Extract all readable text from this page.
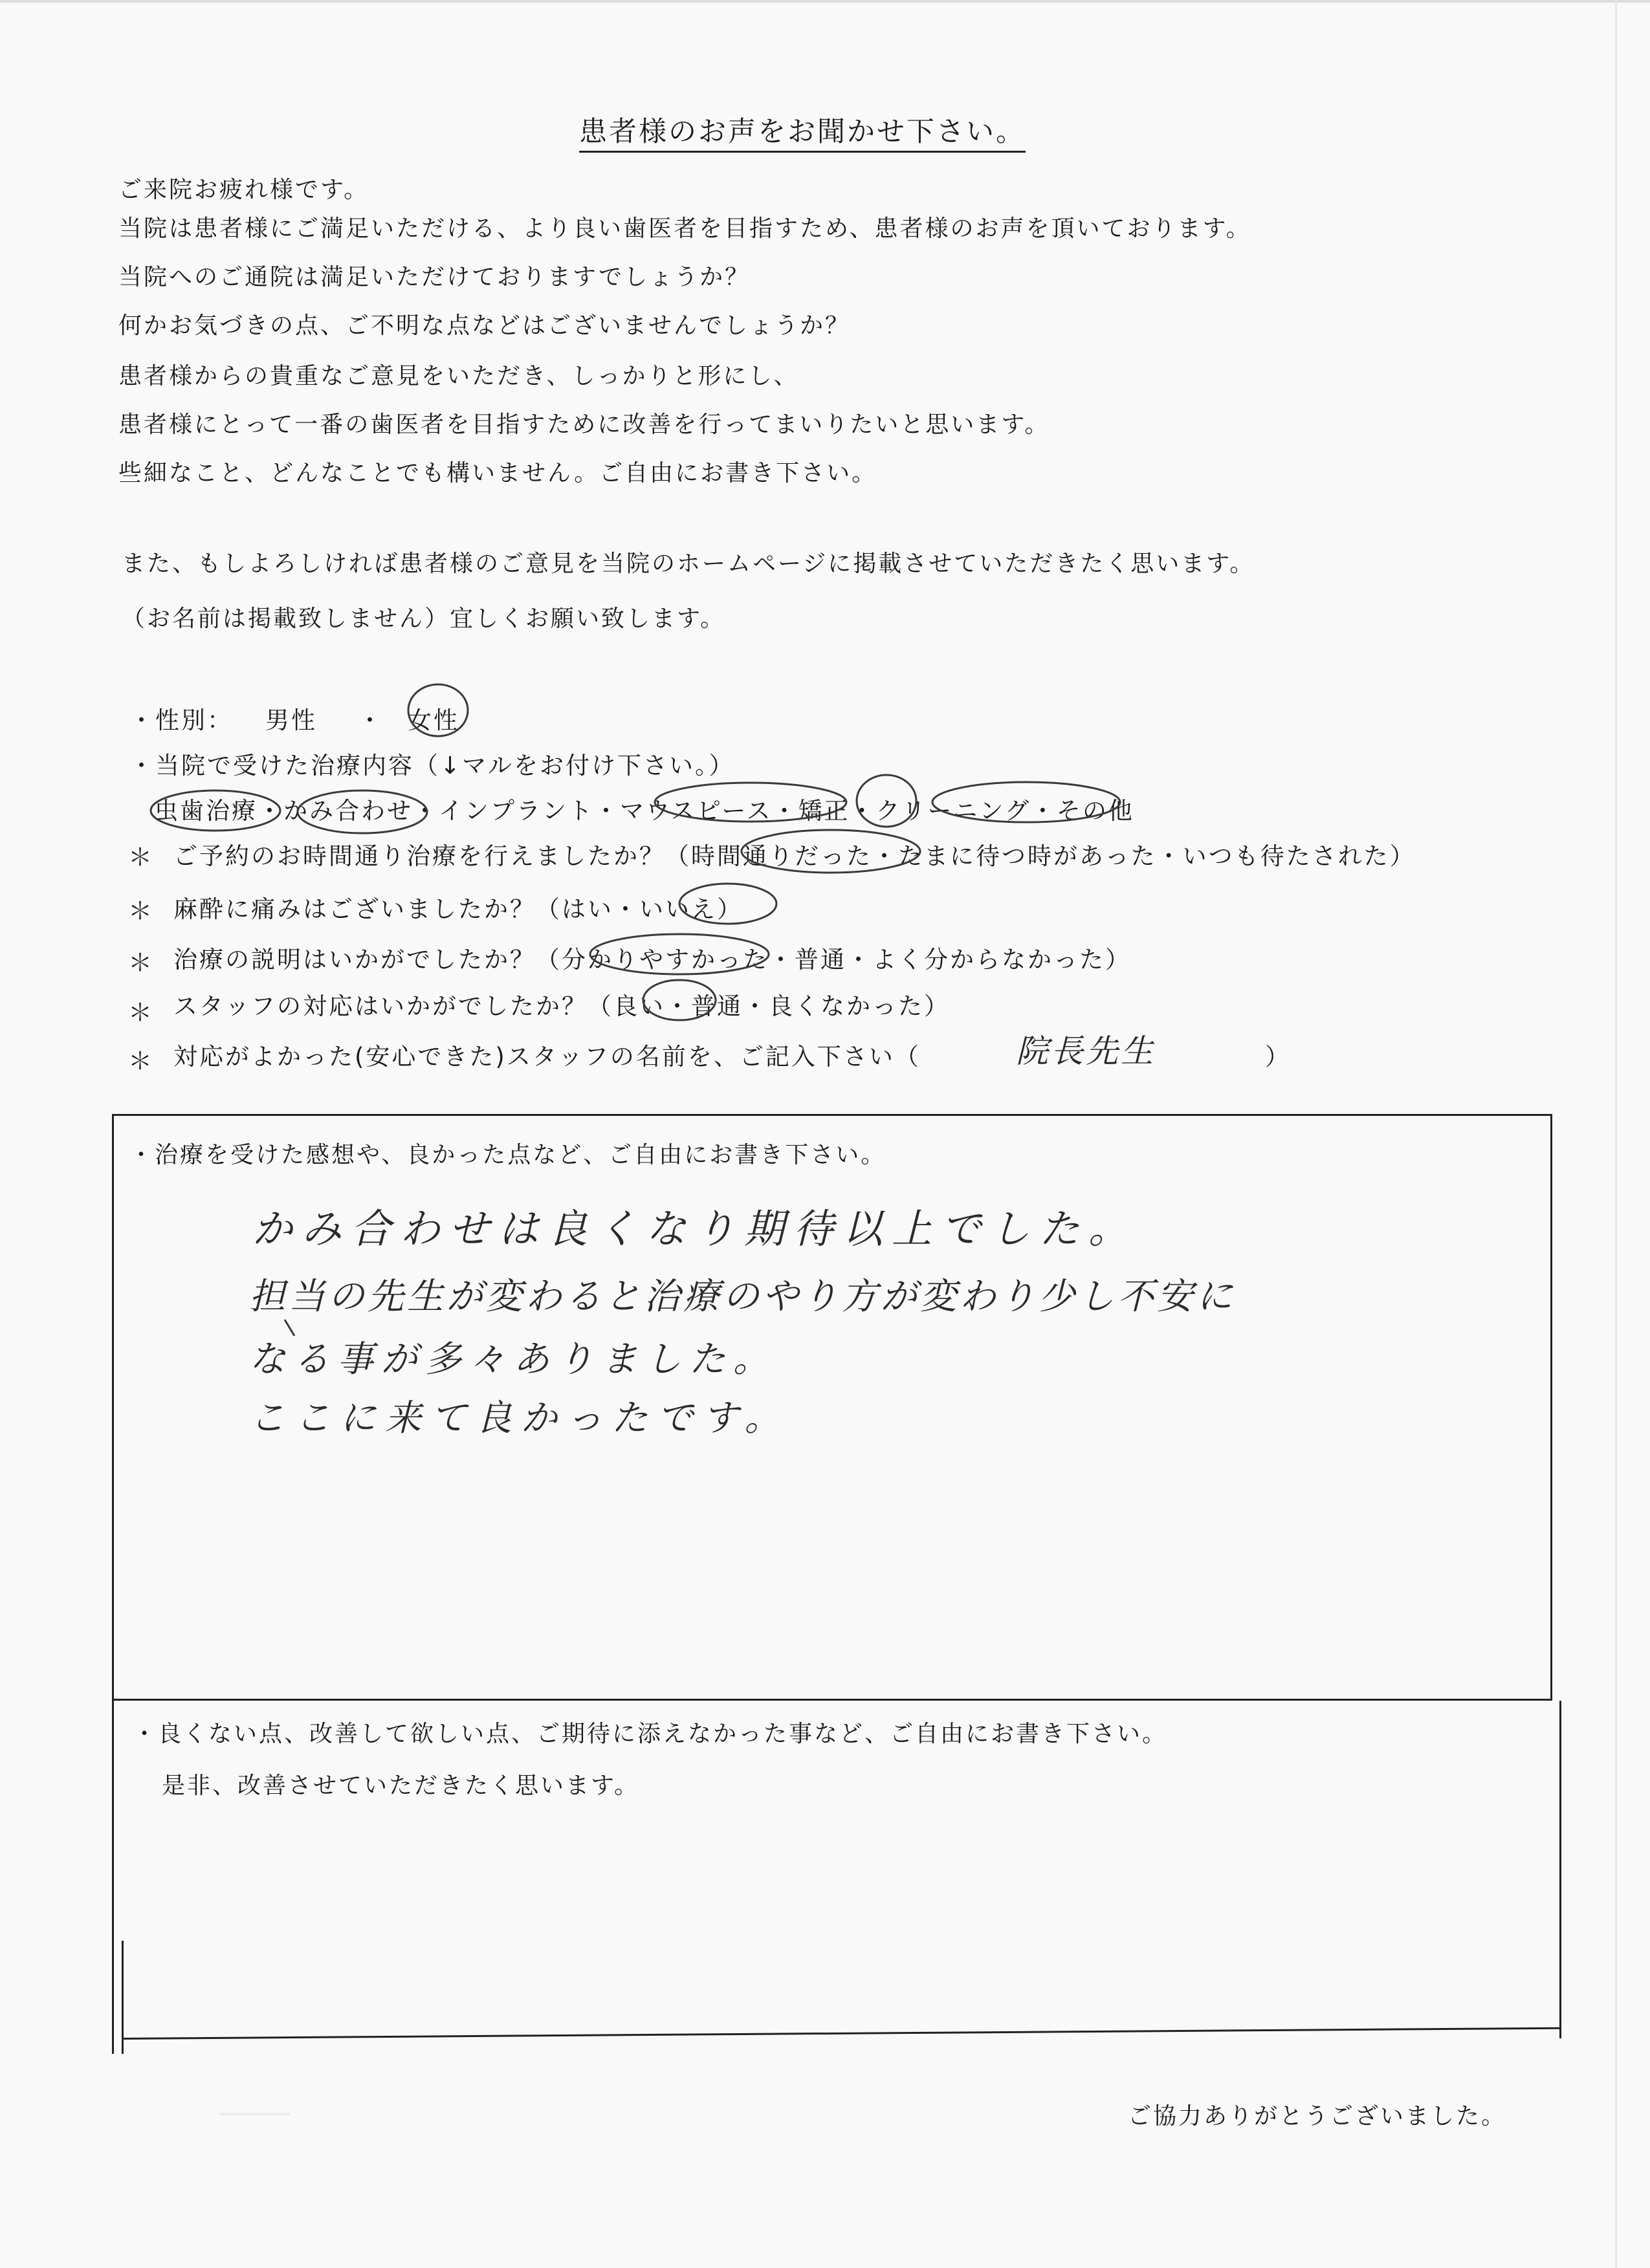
患者様のお声をお聞かせ下さい。
ご来院お疲れ様です。
当院は患者様にご満足いただける、より良い歯医者を目指すため、患者様のお声を頂いております。
当院へのご通院は満足いただけておりますでしょうか？
何かお気づきの点、ご不明な点などはございませんでしょうか？
患者様からの貴重なご意見をいただき、しっかりと形にし、
患者様にとって一番の歯医者を目指すために改善を行ってまいりたいと思います。
些細なこと、どんなことでも構いません。ご自由にお書き下さい。
また、もしよろしければ患者様のご意見を当院のホームページに掲載させていただきたく思います。
（お名前は掲載致しません）宜しくお願い致します。
・性別： 男性 ・ 女性
・当院で受けた治療内容（↓マルをお付け下さい。）
虫歯治療・かみ合わせ・インプラント・マウスピース・矯正・クリーニング・その他
＊ ご予約のお時間通り治療を行えましたか？（時間通りだった・たまに待つ時があった・いつも待たされた）
＊ 麻酔に痛みはございましたか？（はい・いいえ）
＊ 治療の説明はいかがでしたか？（分かりやすかった・普通・よく分からなかった）
＊ スタッフの対応はいかがでしたか？（良い・普通・良くなかった）
＊ 対応がよかった(安心できた)スタッフの名前を、ご記入下さい（	院長先生	）
・治療を受けた感想や、良かった点など、ご自由にお書き下さい。
かみ合わせは良くなり期待以上でした。
担当の先生が変わると治療のやり方が変わり少し不安に
なる事が多々ありました。
ここに来て良かったです。
・良くない点、改善して欲しい点、ご期待に添えなかった事など、ご自由にお書き下さい。
是非、改善させていただきたく思います。
ご協力ありがとうございました。
ــــــــ
